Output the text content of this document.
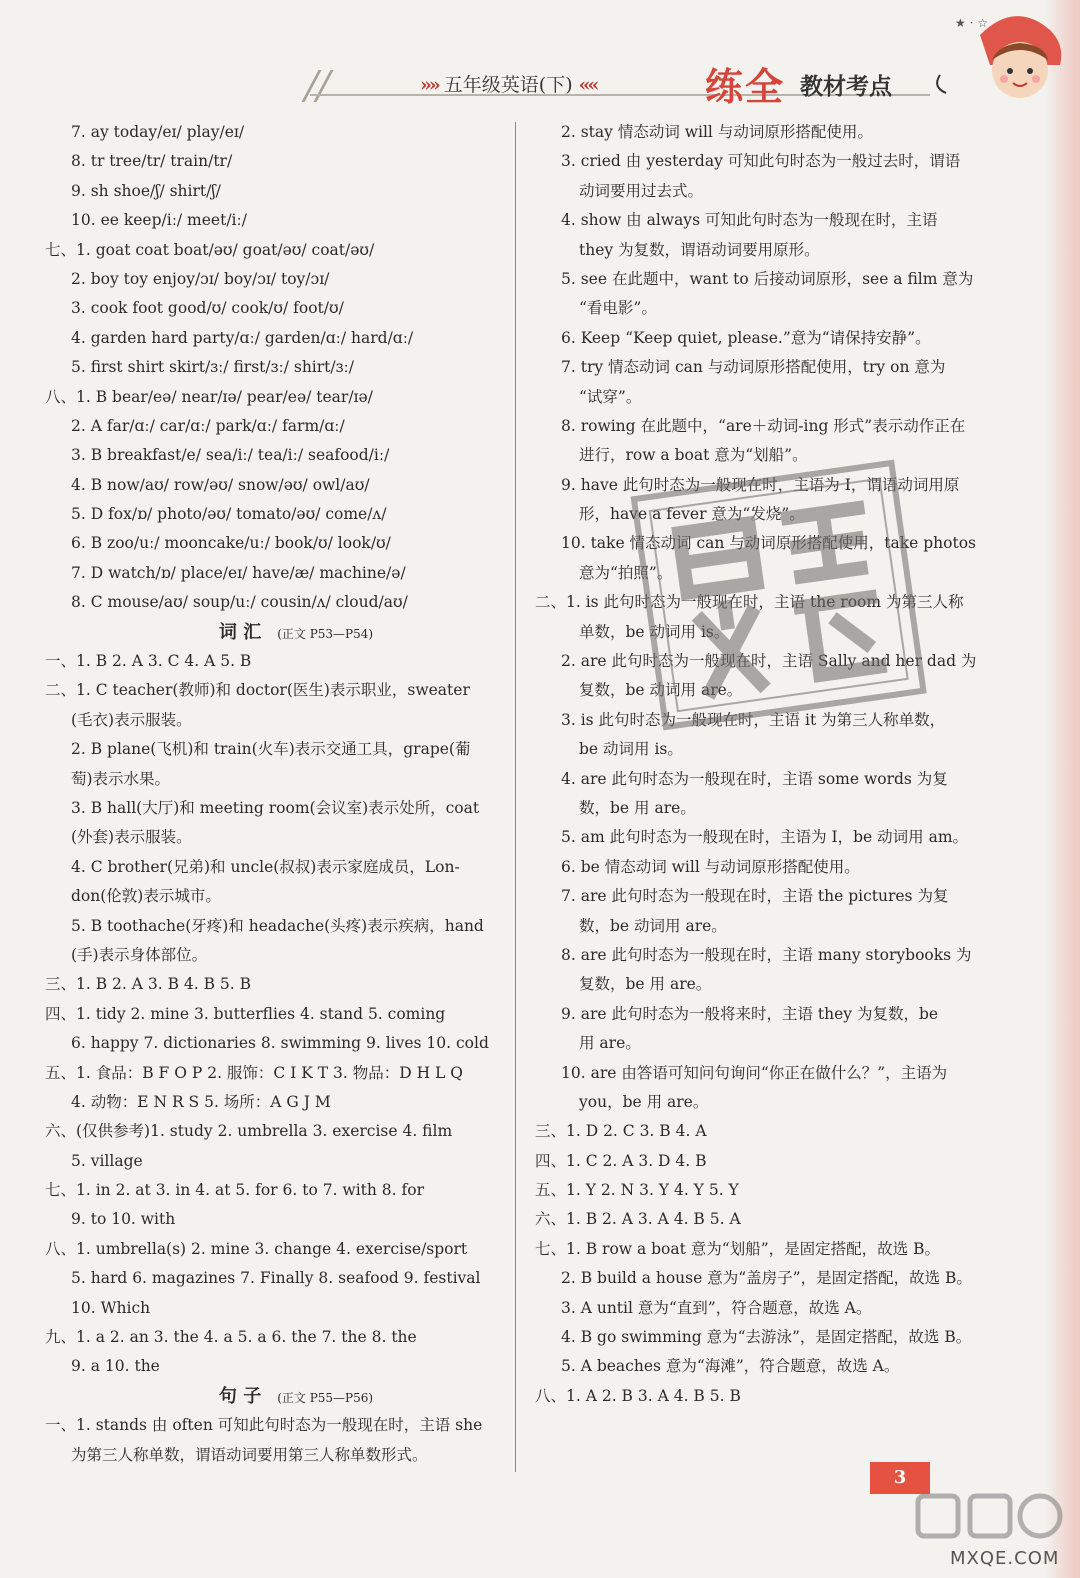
»» 五年级英语(下) ««	练全 教材考点
★ · ☆
7. ay today/eɪ/ play/eɪ/
8. tr tree/tr/ train/tr/
9. sh shoe/ʃ/ shirt/ʃ/
10. ee keep/iː/ meet/iː/
七、1. goat coat boat/əʊ/ goat/əʊ/ coat/əʊ/
2. boy toy enjoy/ɔɪ/ boy/ɔɪ/ toy/ɔɪ/
3. cook foot good/ʊ/ cook/ʊ/ foot/ʊ/
4. garden hard party/ɑː/ garden/ɑː/ hard/ɑː/
5. first shirt skirt/ɜː/ first/ɜː/ shirt/ɜː/
八、1. B bear/eə/ near/ɪə/ pear/eə/ tear/ɪə/
2. A far/ɑː/ car/ɑː/ park/ɑː/ farm/ɑː/
3. B breakfast/e/ sea/iː/ tea/iː/ seafood/iː/
4. B now/aʊ/ row/əʊ/ snow/əʊ/ owl/aʊ/
5. D fox/ɒ/ photo/əʊ/ tomato/əʊ/ come/ʌ/
6. B zoo/uː/ mooncake/uː/ book/ʊ/ look/ʊ/
7. D watch/ɒ/ place/eɪ/ have/æ/ machine/ə/
8. C mouse/aʊ/ soup/uː/ cousin/ʌ/ cloud/aʊ/
词 汇 (正文 P53—P54)
一、1. B 2. A 3. C 4. A 5. B
二、1. C teacher(教师)和 doctor(医生)表示职业，sweater
(毛衣)表示服装。
2. B plane(飞机)和 train(火车)表示交通工具，grape(葡
萄)表示水果。
3. B hall(大厅)和 meeting room(会议室)表示处所，coat
(外套)表示服装。
4. C brother(兄弟)和 uncle(叔叔)表示家庭成员，Lon-
don(伦敦)表示城市。
5. B toothache(牙疼)和 headache(头疼)表示疾病，hand
(手)表示身体部位。
三、1. B 2. A 3. B 4. B 5. B
四、1. tidy 2. mine 3. butterflies 4. stand 5. coming
6. happy 7. dictionaries 8. swimming 9. lives 10. cold
五、1. 食品：B F O P 2. 服饰：C I K T 3. 物品：D H L Q
4. 动物：E N R S 5. 场所：A G J M
六、(仅供参考)1. study 2. umbrella 3. exercise 4. film
5. village
七、1. in 2. at 3. in 4. at 5. for 6. to 7. with 8. for
9. to 10. with
八、1. umbrella(s) 2. mine 3. change 4. exercise/sport
5. hard 6. magazines 7. Finally 8. seafood 9. festival
10. Which
九、1. a 2. an 3. the 4. a 5. a 6. the 7. the 8. the
9. a 10. the
句 子 (正文 P55—P56)
一、1. stands 由 often 可知此句时态为一般现在时，主语 she
为第三人称单数，谓语动词要用第三人称单数形式。
2. stay 情态动词 will 与动词原形搭配使用。
3. cried 由 yesterday 可知此句时态为一般过去时，谓语
动词要用过去式。
4. show 由 always 可知此句时态为一般现在时，主语
they 为复数，谓语动词要用原形。
5. see 在此题中，want to 后接动词原形，see a film 意为
“看电影”。
6. Keep “Keep quiet, please.”意为“请保持安静”。
7. try 情态动词 can 与动词原形搭配使用，try on 意为
“试穿”。
8. rowing 在此题中，“are＋动词-ing 形式”表示动作正在
进行，row a boat 意为“划船”。
9. have 此句时态为一般现在时，主语为 I，谓语动词用原
形，have a fever 意为“发烧”。
10. take 情态动词 can 与动词原形搭配使用，take photos
意为“拍照”。
二、1. is 此句时态为一般现在时，主语 the room 为第三人称
单数，be 动词用 is。
2. are 此句时态为一般现在时，主语 Sally and her dad 为
复数，be 动词用 are。
3. is 此句时态为一般现在时，主语 it 为第三人称单数，
be 动词用 is。
4. are 此句时态为一般现在时，主语 some words 为复
数，be 用 are。
5. am 此句时态为一般现在时，主语为 I，be 动词用 am。
6. be 情态动词 will 与动词原形搭配使用。
7. are 此句时态为一般现在时，主语 the pictures 为复
数，be 动词用 are。
8. are 此句时态为一般现在时，主语 many storybooks 为
复数，be 用 are。
9. are 此句时态为一般将来时，主语 they 为复数，be
用 are。
10. are 由答语可知问句询问“你正在做什么？”，主语为
you，be 用 are。
三、1. D 2. C 3. B 4. A
四、1. C 2. A 3. D 4. B
五、1. Y 2. N 3. Y 4. Y 5. Y
六、1. B 2. A 3. A 4. B 5. A
七、1. B row a boat 意为“划船”，是固定搭配，故选 B。
2. B build a house 意为“盖房子”，是固定搭配，故选 B。
3. A until 意为“直到”，符合题意，故选 A。
4. B go swimming 意为“去游泳”，是固定搭配，故选 B。
5. A beaches 意为“海滩”，符合题意，故选 A。
八、1. A 2. B 3. A 4. B 5. B
3
MXQE.COM
